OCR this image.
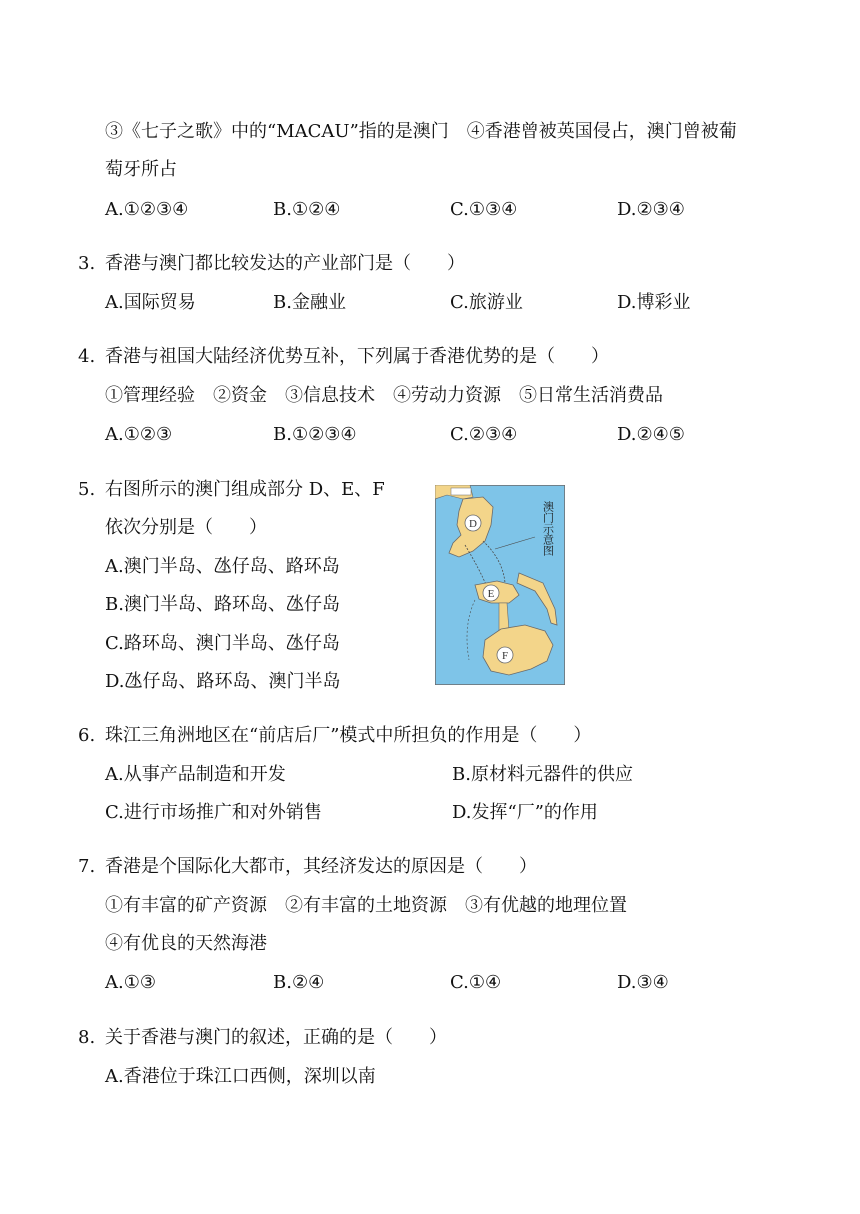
③《七子之歌》中的“MACAU”指的是澳门　④香港曾被英国侵占，澳门曾被葡
萄牙所占
A.①②③④	B.①②④	C.①③④	D.②③④
3. 香港与澳门都比较发达的产业部门是（　　）
A.国际贸易	B.金融业	C.旅游业	D.博彩业
4. 香港与祖国大陆经济优势互补，下列属于香港优势的是（　　）
①管理经验　②资金　③信息技术　④劳动力资源　⑤日常生活消费品
A.①②③	B.①②③④	C.②③④	D.②④⑤
5. 右图所示的澳门组成部分 D、E、F
依次分别是（　　）
A.澳门半岛、氹仔岛、路环岛
B.澳门半岛、路环岛、氹仔岛
C.路环岛、澳门半岛、氹仔岛
D.氹仔岛、路环岛、澳门半岛
D
E
F
澳门示意图
6. 珠江三角洲地区在“前店后厂”模式中所担负的作用是（　　）
A.从事产品制造和开发	B.原材料元器件的供应
C.进行市场推广和对外销售	D.发挥“厂”的作用
7. 香港是个国际化大都市，其经济发达的原因是（　　）
①有丰富的矿产资源　②有丰富的土地资源　③有优越的地理位置
④有优良的天然海港
A.①③	B.②④	C.①④	D.③④
8. 关于香港与澳门的叙述，正确的是（　　）
A.香港位于珠江口西侧，深圳以南
